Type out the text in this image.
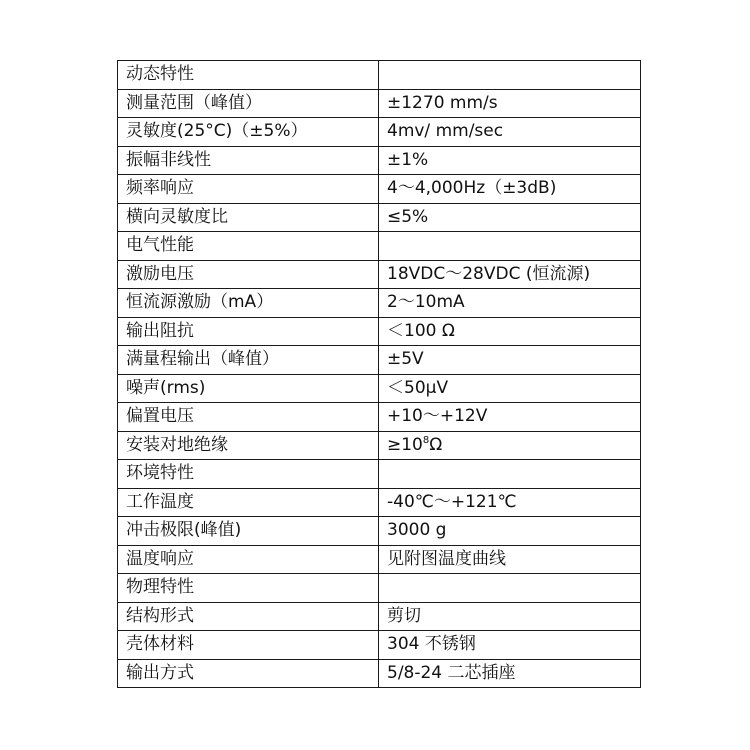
动态特性	
测量范围（峰值）	±1270 mm/s
灵敏度(25°C)（±5%）	4mv/ mm/sec
振幅非线性	±1%
频率响应	4～4,000Hz（±3dB)
横向灵敏度比	≤5%
电气性能	
激励电压	18VDC～28VDC (恒流源)
恒流源激励（mA）	2～10mA
输出阻抗	＜100 Ω
满量程输出（峰值）	±5V
噪声(rms)	＜50µV
偏置电压	+10～+12V
安装对地绝缘	$\ge 10^8\Omega$
环境特性	
工作温度	-40℃～+121℃
冲击极限(峰值)	3000 g
温度响应	见附图温度曲线
物理特性	
结构形式	剪切
壳体材料	304 不锈钢
输出方式	5/8-24 二芯插座
